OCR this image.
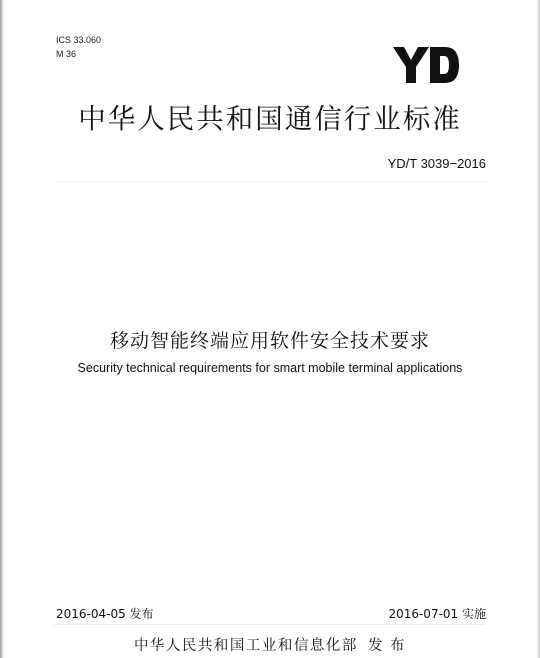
ICS 33.060
M 36
中华人民共和国通信行业标准
YD/T 3039−2016
移动智能终端应用软件安全技术要求
Security technical requirements for smart mobile terminal applications
2016-04-05 发布	2016-07-01 实施
中华人民共和国工业和信息化部 发 布
